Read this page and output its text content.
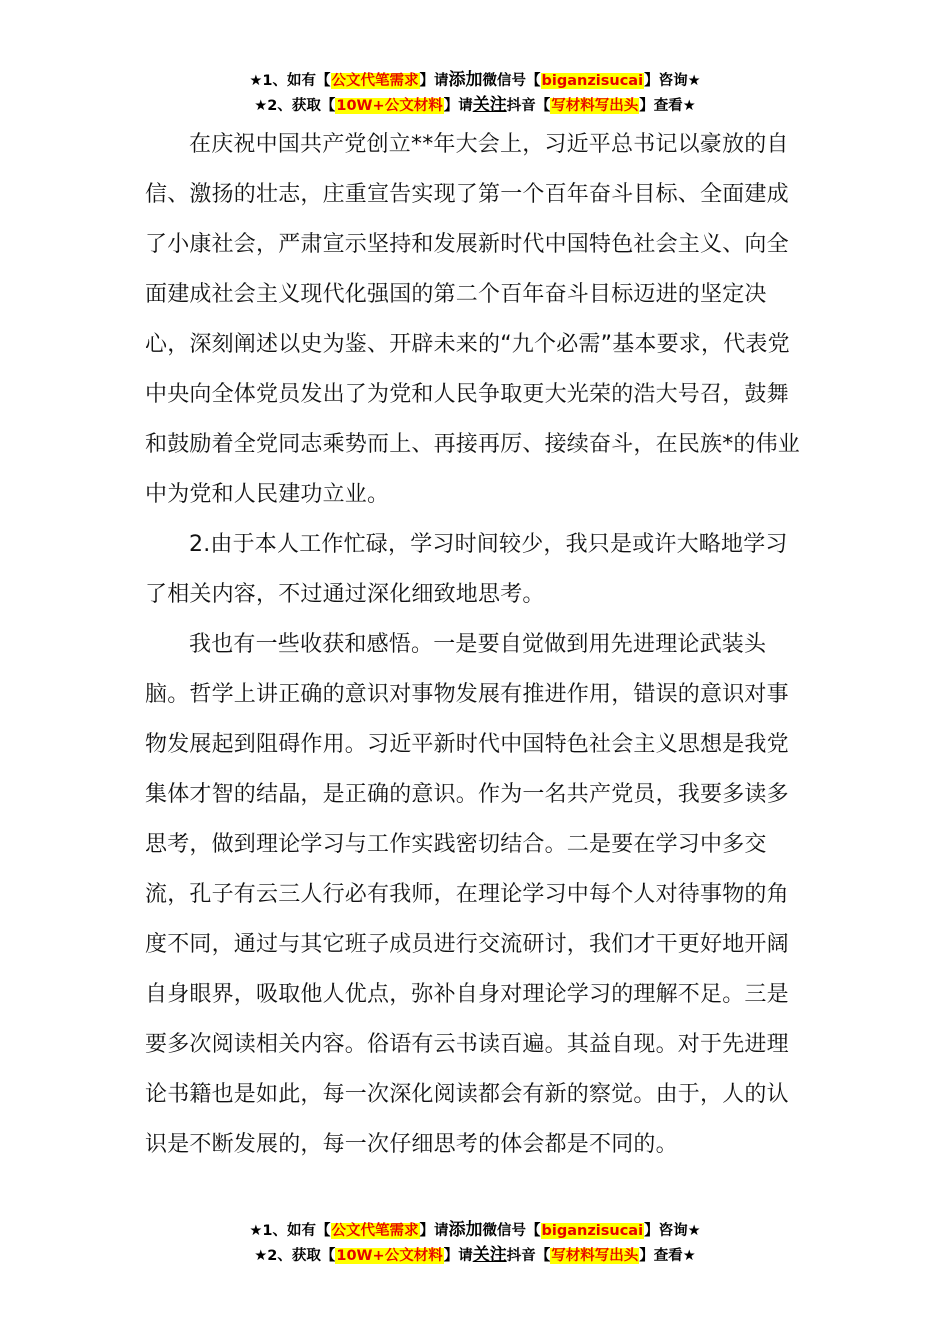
★1、如有【公文代笔需求】请添加微信号【biganzisucai】咨询★
★2、获取【10W+公文材料】请关注抖音【写材料写出头】查看★

在庆祝中国共产党创立**年大会上，习近平总书记以豪放的自信、激扬的壮志，庄重宣告实现了第一个百年奋斗目标、全面建成了小康社会，严肃宣示坚持和发展新时代中国特色社会主义、向全面建成社会主义现代化强国的第二个百年奋斗目标迈进的坚定决心，深刻阐述以史为鉴、开辟未来的“九个必需”基本要求，代表党中央向全体党员发出了为党和人民争取更大光荣的浩大号召，鼓舞和鼓励着全党同志乘势而上、再接再厉、接续奋斗，在民族*的伟业中为党和人民建功立业。

2.由于本人工作忙碌，学习时间较少，我只是或许大略地学习了相关内容，不过通过深化细致地思考。

我也有一些收获和感悟。一是要自觉做到用先进理论武装头脑。哲学上讲正确的意识对事物发展有推进作用，错误的意识对事物发展起到阻碍作用。习近平新时代中国特色社会主义思想是我党集体才智的结晶，是正确的意识。作为一名共产党员，我要多读多思考，做到理论学习与工作实践密切结合。二是要在学习中多交流，孔子有云三人行必有我师，在理论学习中每个人对待事物的角度不同，通过与其它班子成员进行交流研讨，我们才干更好地开阔自身眼界，吸取他人优点，弥补自身对理论学习的理解不足。三是要多次阅读相关内容。俗语有云书读百遍。其益自现。对于先进理论书籍也是如此，每一次深化阅读都会有新的察觉。由于，人的认识是不断发展的，每一次仔细思考的体会都是不同的。

★1、如有【公文代笔需求】请添加微信号【biganzisucai】咨询★
★2、获取【10W+公文材料】请关注抖音【写材料写出头】查看★
